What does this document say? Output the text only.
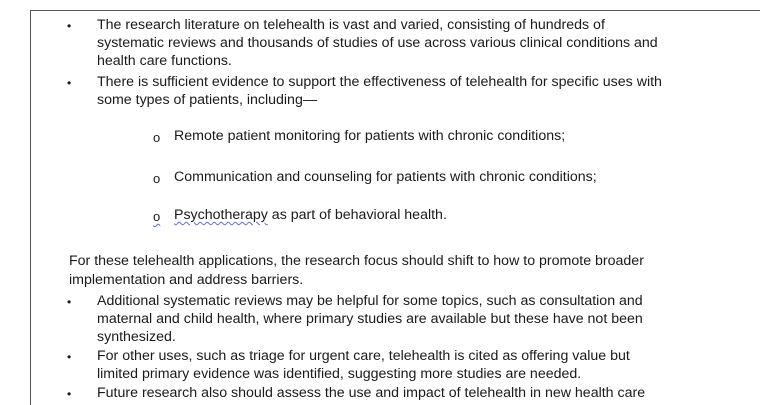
• The research literature on telehealth is vast and varied, consisting of hundreds of
systematic reviews and thousands of studies of use across various clinical conditions and
health care functions.
• There is sufficient evidence to support the effectiveness of telehealth for specific uses with
some types of patients, including—
o Remote patient monitoring for patients with chronic conditions;
o Communication and counseling for patients with chronic conditions;
o Psychotherapy as part of behavioral health.
For these telehealth applications, the research focus should shift to how to promote broader
implementation and address barriers.
• Additional systematic reviews may be helpful for some topics, such as consultation and
maternal and child health, where primary studies are available but these have not been
synthesized.
• For other uses, such as triage for urgent care, telehealth is cited as offering value but
limited primary evidence was identified, suggesting more studies are needed.
• Future research also should assess the use and impact of telehealth in new health care
